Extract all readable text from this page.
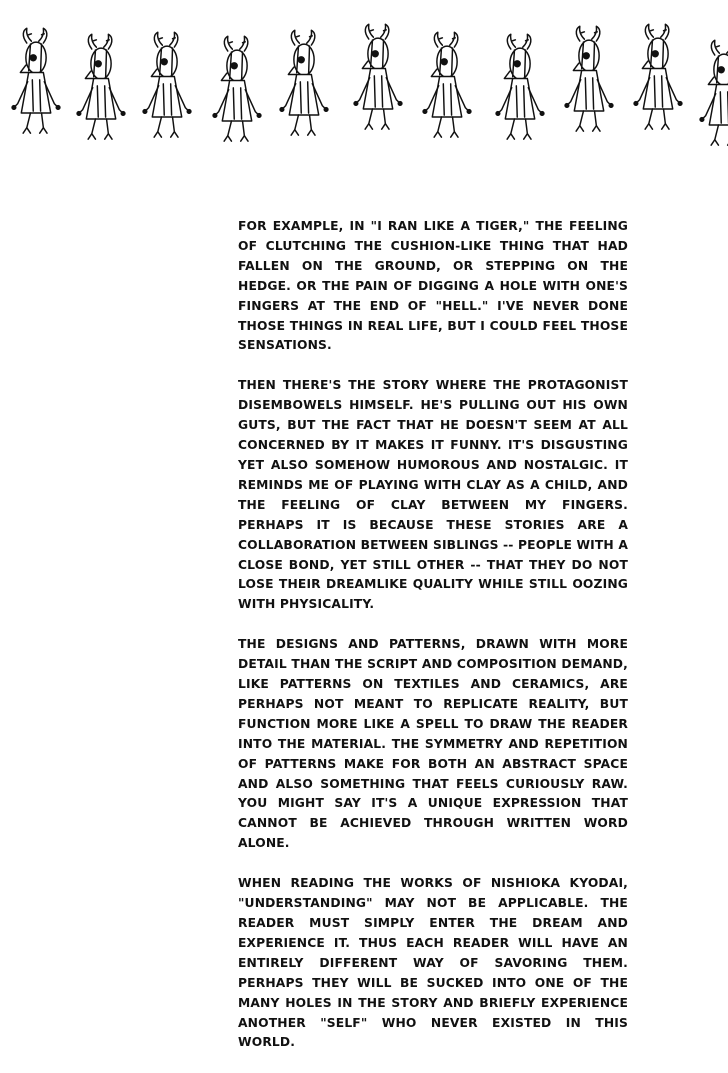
FOR EXAMPLE, IN "I RAN LIKE A TIGER," THE FEELING OF CLUTCHING THE CUSHION-LIKE THING THAT HAD FALLEN ON THE GROUND, OR STEPPING ON THE HEDGE. OR THE PAIN OF DIGGING A HOLE WITH ONE'S FINGERS AT THE END OF "HELL." I'VE NEVER DONE THOSE THINGS IN REAL LIFE, BUT I COULD FEEL THOSE SENSATIONS.

THEN THERE'S THE STORY WHERE THE PROTAGONIST DISEMBOWELS HIMSELF. HE'S PULLING OUT HIS OWN GUTS, BUT THE FACT THAT HE DOESN'T SEEM AT ALL CONCERNED BY IT MAKES IT FUNNY. IT'S DISGUSTING YET ALSO SOMEHOW HUMOROUS AND NOSTALGIC. IT REMINDS ME OF PLAYING WITH CLAY AS A CHILD, AND THE FEELING OF CLAY BETWEEN MY FINGERS. PERHAPS IT IS BECAUSE THESE STORIES ARE A COLLABORATION BETWEEN SIBLINGS -- PEOPLE WITH A CLOSE BOND, YET STILL OTHER -- THAT THEY DO NOT LOSE THEIR DREAMLIKE QUALITY WHILE STILL OOZING WITH PHYSICALITY.

THE DESIGNS AND PATTERNS, DRAWN WITH MORE DETAIL THAN THE SCRIPT AND COMPOSITION DEMAND, LIKE PATTERNS ON TEXTILES AND CERAMICS, ARE PERHAPS NOT MEANT TO REPLICATE REALITY, BUT FUNCTION MORE LIKE A SPELL TO DRAW THE READER INTO THE MATERIAL. THE SYMMETRY AND REPETITION OF PATTERNS MAKE FOR BOTH AN ABSTRACT SPACE AND ALSO SOMETHING THAT FEELS CURIOUSLY RAW. YOU MIGHT SAY IT'S A UNIQUE EXPRESSION THAT CANNOT BE ACHIEVED THROUGH WRITTEN WORD ALONE.

WHEN READING THE WORKS OF NISHIOKA KYODAI, "UNDERSTANDING" MAY NOT BE APPLICABLE. THE READER MUST SIMPLY ENTER THE DREAM AND EXPERIENCE IT. THUS EACH READER WILL HAVE AN ENTIRELY DIFFERENT WAY OF SAVORING THEM. PERHAPS THEY WILL BE SUCKED INTO ONE OF THE MANY HOLES IN THE STORY AND BRIEFLY EXPERIENCE ANOTHER "SELF" WHO NEVER EXISTED IN THIS WORLD.
